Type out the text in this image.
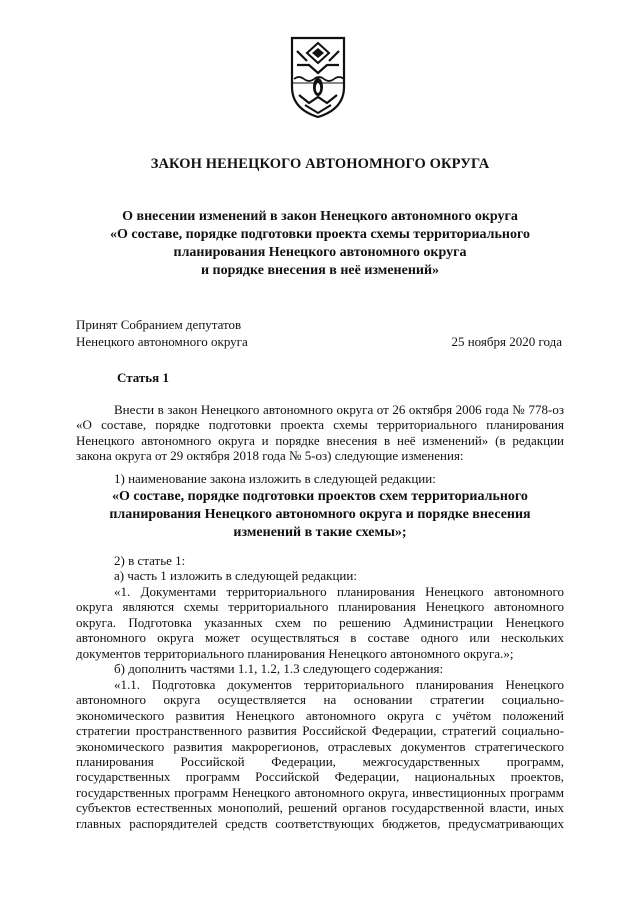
ЗАКОН НЕНЕЦКОГО АВТОНОМНОГО ОКРУГА
О внесении изменений в закон Ненецкого автономного округа
«О составе, порядке подготовки проекта схемы территориального
планирования Ненецкого автономного округа
и порядке внесения в неё изменений»
Принят Собранием депутатов
Ненецкого автономного округа	25 ноября 2020 года
Статья 1
Внести в закон Ненецкого автономного округа от 26 октября 2006 года № 778-оз
«О составе, порядке подготовки проекта схемы территориального планирования
Ненецкого автономного округа и порядке внесения в неё изменений» (в редакции
закона округа от 29 октября 2018 года № 5-оз) следующие изменения:
1) наименование закона изложить в следующей редакции:
«О составе, порядке подготовки проектов схем территориального
планирования Ненецкого автономного округа и порядке внесения
изменений в такие схемы»;
2) в статье 1:
а) часть 1 изложить в следующей редакции:
«1. Документами территориального планирования Ненецкого автономного
округа являются схемы территориального планирования Ненецкого автономного
округа. Подготовка указанных схем по решению Администрации Ненецкого
автономного округа может осуществляться в составе одного или нескольких
документов территориального планирования Ненецкого автономного округа.»;
б) дополнить частями 1.1, 1.2, 1.3 следующего содержания:
«1.1. Подготовка документов территориального планирования Ненецкого
автономного округа осуществляется на основании стратегии социально-
экономического развития Ненецкого автономного округа с учётом положений
стратегии пространственного развития Российской Федерации, стратегий социально-
экономического развития макрорегионов, отраслевых документов стратегического
планирования Российской Федерации, межгосударственных программ,
государственных программ Российской Федерации, национальных проектов,
государственных программ Ненецкого автономного округа, инвестиционных программ
субъектов естественных монополий, решений органов государственной власти, иных
главных распорядителей средств соответствующих бюджетов, предусматривающих
